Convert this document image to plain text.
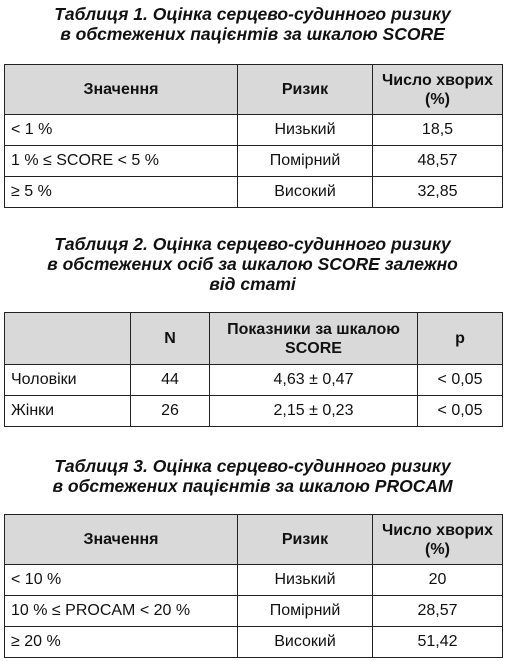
Таблиця 1. Оцінка серцево-судинного ризику
в обстежених пацієнтів за шкалою SCORE
Значення	Ризик	Число хворих (%)
< 1 %	Низький	18,5
1 % ≤ SCORE < 5 %	Помірний	48,57
≥ 5 %	Високий	32,85
Таблиця 2. Оцінка серцево-судинного ризику
в обстежених осіб за шкалою SCORE залежно
від статі
	N	Показники за шкалою SCORE	p
Чоловіки	44	4,63 ± 0,47	< 0,05
Жінки	26	2,15 ± 0,23	< 0,05
Таблиця 3. Оцінка серцево-судинного ризику
в обстежених пацієнтів за шкалою PROCAM
Значення	Ризик	Число хворих (%)
< 10 %	Низький	20
10 % ≤ PROCAM < 20 %	Помірний	28,57
≥ 20 %	Високий	51,42
